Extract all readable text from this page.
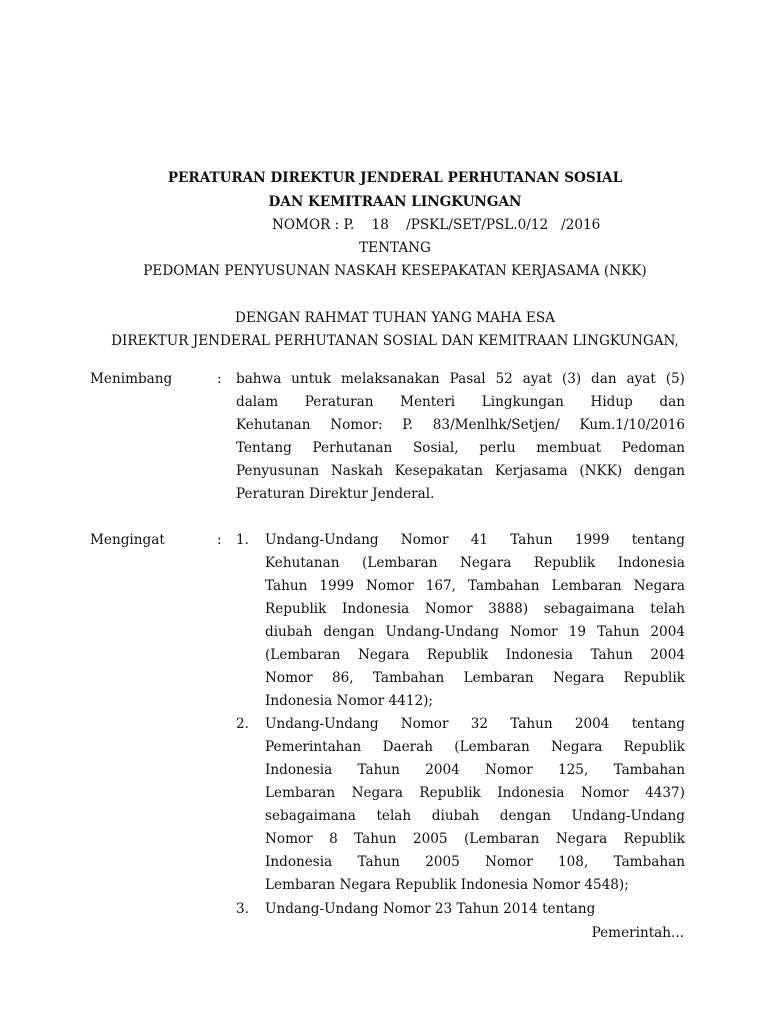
PERATURAN DIREKTUR JENDERAL PERHUTANAN SOSIAL
DAN KEMITRAAN LINGKUNGAN
NOMOR : P.    18    /PSKL/SET/PSL.0/12   /2016
TENTANG
PEDOMAN PENYUSUNAN NASKAH KESEPAKATAN KERJASAMA (NKK)
DENGAN RAHMAT TUHAN YANG MAHA ESA
DIREKTUR JENDERAL PERHUTANAN SOSIAL DAN KEMITRAAN LINGKUNGAN,
Menimbang	: bahwa untuk melaksanakan Pasal 52 ayat (3) dan ayat (5)
dalam Peraturan Menteri Lingkungan Hidup dan
Kehutanan Nomor: P. 83/Menlhk/Setjen/ Kum.1/10/2016
Tentang Perhutanan Sosial, perlu membuat Pedoman
Penyusunan Naskah Kesepakatan Kerjasama (NKK) dengan
Peraturan Direktur Jenderal.
Mengingat	: 1. Undang-Undang Nomor 41 Tahun 1999 tentang
Kehutanan (Lembaran Negara Republik Indonesia
Tahun 1999 Nomor 167, Tambahan Lembaran Negara
Republik Indonesia Nomor 3888) sebagaimana telah
diubah dengan Undang-Undang Nomor 19 Tahun 2004
(Lembaran Negara Republik Indonesia Tahun 2004
Nomor 86, Tambahan Lembaran Negara Republik
Indonesia Nomor 4412);
2. Undang-Undang Nomor 32 Tahun 2004 tentang
Pemerintahan Daerah (Lembaran Negara Republik
Indonesia Tahun 2004 Nomor 125, Tambahan
Lembaran Negara Republik Indonesia Nomor 4437)
sebagaimana telah diubah dengan Undang-Undang
Nomor 8 Tahun 2005 (Lembaran Negara Republik
Indonesia Tahun 2005 Nomor 108, Tambahan
Lembaran Negara Republik Indonesia Nomor 4548);
3. Undang-Undang Nomor 23 Tahun 2014 tentang
Pemerintah...
